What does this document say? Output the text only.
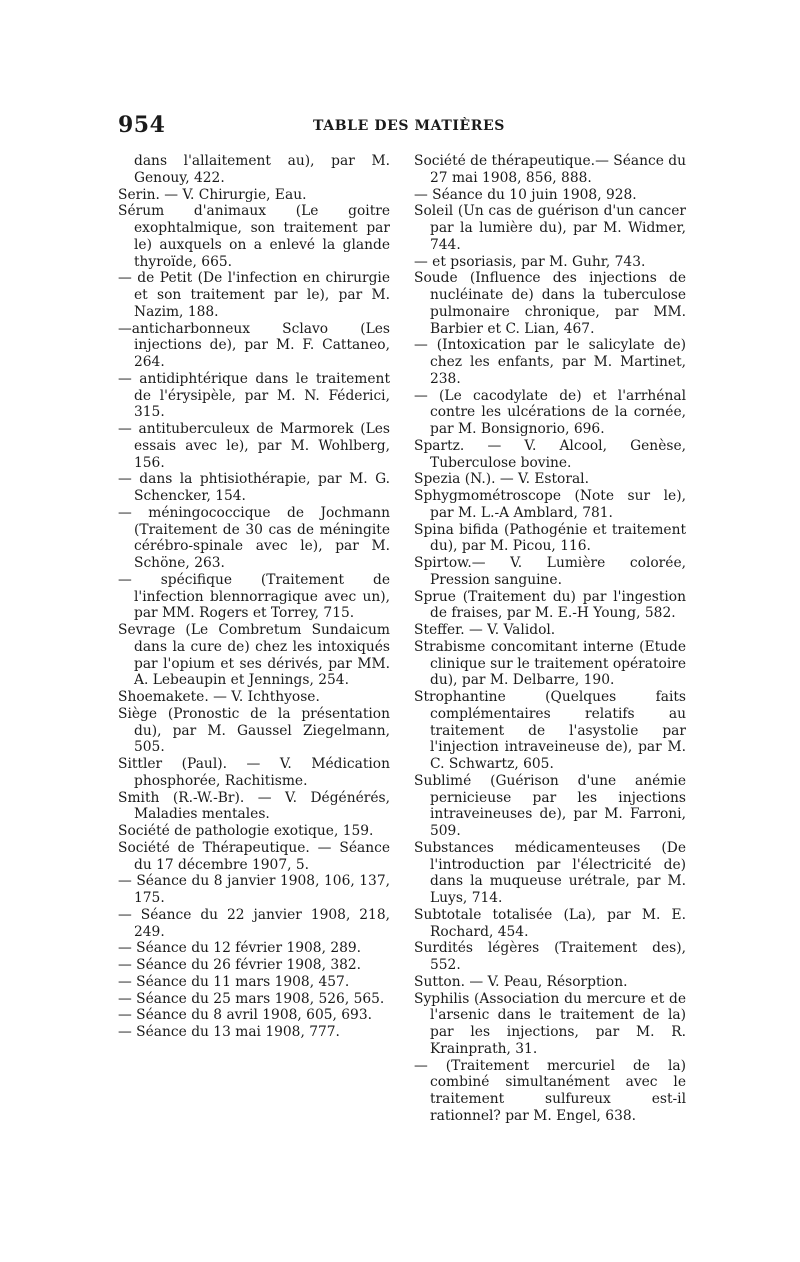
954	TABLE DES MATIÈRES

dans l'allaitement au), par M. Genouy, 422.

Serin. — V. Chirurgie, Eau.

Sérum d'animaux (Le goitre exophtalmique, son traitement par le) auxquels on a enlevé la glande thyroïde, 665.

— de Petit (De l'infection en chirurgie et son traitement par le), par M. Nazim, 188.

—anticharbonneux Sclavo (Les injections de), par M. F. Cattaneo, 264.

— antidiphtérique dans le traitement de l'érysipèle, par M. N. Féderici, 315.

— antituberculeux de Marmorek (Les essais avec le), par M. Wohlberg, 156.

— dans la phtisiothérapie, par M. G. Schencker, 154.

— méningococcique de Jochmann (Traitement de 30 cas de méningite cérébro-spinale avec le), par M. Schöne, 263.

— spécifique (Traitement de l'infection blennorragique avec un), par MM. Rogers et Torrey, 715.

Sevrage (Le Combretum Sundaicum dans la cure de) chez les intoxiqués par l'opium et ses dérivés, par MM. A. Lebeaupin et Jennings, 254.

Shoemakete. — V. Ichthyose.

Siège (Pronostic de la présentation du), par M. Gaussel Ziegelmann, 505.

Sittler (Paul). — V. Médication phosphorée, Rachitisme.

Smith (R.-W.-Br). — V. Dégénérés, Maladies mentales.

Société de pathologie exotique, 159.

Société de Thérapeutique. — Séance du 17 décembre 1907, 5.

— Séance du 8 janvier 1908, 106, 137, 175.

— Séance du 22 janvier 1908, 218, 249.

— Séance du 12 février 1908, 289.

— Séance du 26 février 1908, 382.

— Séance du 11 mars 1908, 457.

— Séance du 25 mars 1908, 526, 565.

— Séance du 8 avril 1908, 605, 693.

— Séance du 13 mai 1908, 777.

Société de thérapeutique.— Séance du 27 mai 1908, 856, 888.

— Séance du 10 juin 1908, 928.

Soleil (Un cas de guérison d'un cancer par la lumière du), par M. Widmer, 744.

— et psoriasis, par M. Guhr, 743.

Soude (Influence des injections de nucléinate de) dans la tuberculose pulmonaire chronique, par MM. Barbier et C. Lian, 467.

— (Intoxication par le salicylate de) chez les enfants, par M. Martinet, 238.

— (Le cacodylate de) et l'arrhénal contre les ulcérations de la cornée, par M. Bonsignorio, 696.

Spartz. — V. Alcool, Genèse, Tuberculose bovine.

Spezia (N.). — V. Estoral.

Sphygmométroscope (Note sur le), par M. L.-A Amblard, 781.

Spina bifida (Pathogénie et traitement du), par M. Picou, 116.

Spirtow.— V. Lumière colorée, Pression sanguine.

Sprue (Traitement du) par l'ingestion de fraises, par M. E.-H Young, 582.

Steffer. — V. Validol.

Strabisme concomitant interne (Etude clinique sur le traitement opératoire du), par M. Delbarre, 190.

Strophantine (Quelques faits complémentaires relatifs au traitement de l'asystolie par l'injection intraveineuse de), par M. C. Schwartz, 605.

Sublimé (Guérison d'une anémie pernicieuse par les injections intraveineuses de), par M. Farroni, 509.

Substances médicamenteuses (De l'introduction par l'électricité de) dans la muqueuse urétrale, par M. Luys, 714.

Subtotale totalisée (La), par M. E. Rochard, 454.

Surdités légères (Traitement des), 552.

Sutton. — V. Peau, Résorption.

Syphilis (Association du mercure et de l'arsenic dans le traitement de la) par les injections, par M. R. Krainprath, 31.

— (Traitement mercuriel de la) combiné simultanément avec le traitement sulfureux est-il rationnel? par M. Engel, 638.
